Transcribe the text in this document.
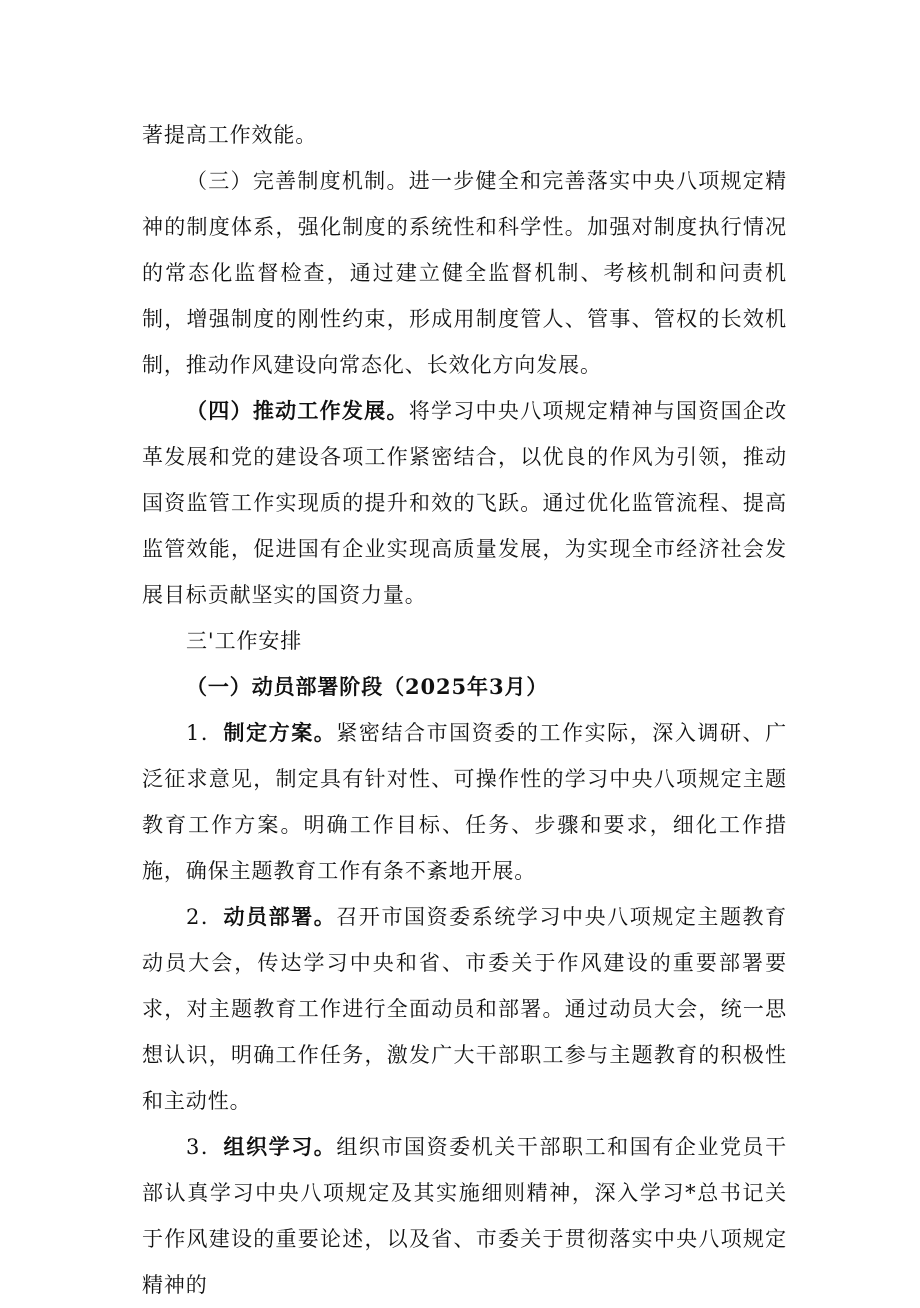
著提高工作效能。

（三）完善制度机制。进一步健全和完善落实中央八项规定精神的制度体系，强化制度的系统性和科学性。加强对制度执行情况的常态化监督检查，通过建立健全监督机制、考核机制和问责机制，增强制度的刚性约束，形成用制度管人、管事、管权的长效机制，推动作风建设向常态化、长效化方向发展。

（四）推动工作发展。将学习中央八项规定精神与国资国企改革发展和党的建设各项工作紧密结合，以优良的作风为引领，推动国资监管工作实现质的提升和效的飞跃。通过优化监管流程、提高监管效能，促进国有企业实现高质量发展，为实现全市经济社会发展目标贡献坚实的国资力量。

三'工作安排

（一）动员部署阶段（2025年3月）

1．制定方案。紧密结合市国资委的工作实际，深入调研、广泛征求意见，制定具有针对性、可操作性的学习中央八项规定主题教育工作方案。明确工作目标、任务、步骤和要求，细化工作措施，确保主题教育工作有条不紊地开展。

2．动员部署。召开市国资委系统学习中央八项规定主题教育动员大会，传达学习中央和省、市委关于作风建设的重要部署要求，对主题教育工作进行全面动员和部署。通过动员大会，统一思想认识，明确工作任务，激发广大干部职工参与主题教育的积极性和主动性。

3．组织学习。组织市国资委机关干部职工和国有企业党员干部认真学习中央八项规定及其实施细则精神，深入学习*总书记关于作风建设的重要论述，以及省、市委关于贯彻落实中央八项规定精神的
